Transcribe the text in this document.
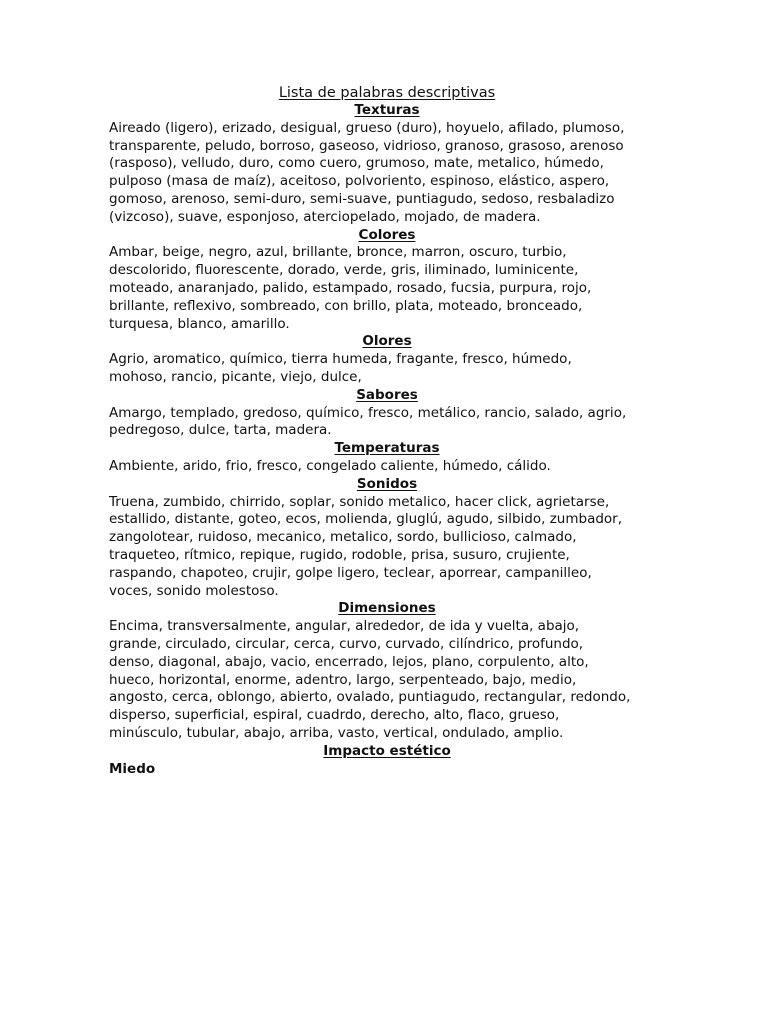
Lista de palabras descriptivas
Texturas
Aireado (ligero), erizado, desigual, grueso (duro), hoyuelo, afilado, plumoso,
transparente, peludo, borroso, gaseoso, vidrioso, granoso, grasoso, arenoso
(rasposo), velludo, duro, como cuero, grumoso, mate, metalico, húmedo,
pulposo (masa de maíz), aceitoso, polvoriento, espinoso, elástico, aspero,
gomoso, arenoso, semi-duro, semi-suave, puntiagudo, sedoso, resbaladizo
(vizcoso), suave, esponjoso, aterciopelado, mojado, de madera.
Colores
Ambar, beige, negro, azul, brillante, bronce, marron, oscuro, turbio,
descolorido, fluorescente, dorado, verde, gris, iliminado, luminicente,
moteado, anaranjado, palido, estampado, rosado, fucsia, purpura, rojo,
brillante, reflexivo, sombreado, con brillo, plata, moteado, bronceado,
turquesa, blanco, amarillo.
Olores
Agrio, aromatico, químico, tierra humeda, fragante, fresco, húmedo,
mohoso, rancio, picante, viejo, dulce,
Sabores
Amargo, templado, gredoso, químico, fresco, metálico, rancio, salado, agrio,
pedregoso, dulce, tarta, madera.
Temperaturas
Ambiente, arido, frio, fresco, congelado caliente, húmedo, cálido.
Sonidos
Truena, zumbido, chirrido, soplar, sonido metalico, hacer click, agrietarse,
estallido, distante, goteo, ecos, molienda, gluglú, agudo, silbido, zumbador,
zangolotear, ruidoso, mecanico, metalico, sordo, bullicioso, calmado,
traqueteo, rítmico, repique, rugido, rodoble, prisa, susuro, crujiente,
raspando, chapoteo, crujir, golpe ligero, teclear, aporrear, campanilleo,
voces, sonido molestoso.
Dimensiones
Encima, transversalmente, angular, alrededor, de ida y vuelta, abajo,
grande, circulado, circular, cerca, curvo, curvado, cilíndrico, profundo,
denso, diagonal, abajo, vacio, encerrado, lejos, plano, corpulento, alto,
hueco, horizontal, enorme, adentro, largo, serpenteado, bajo, medio,
angosto, cerca, oblongo, abierto, ovalado, puntiagudo, rectangular, redondo,
disperso, superficial, espiral, cuadrdo, derecho, alto, flaco, grueso,
minúsculo, tubular, abajo, arriba, vasto, vertical, ondulado, amplio.
Impacto estético

Miedo
